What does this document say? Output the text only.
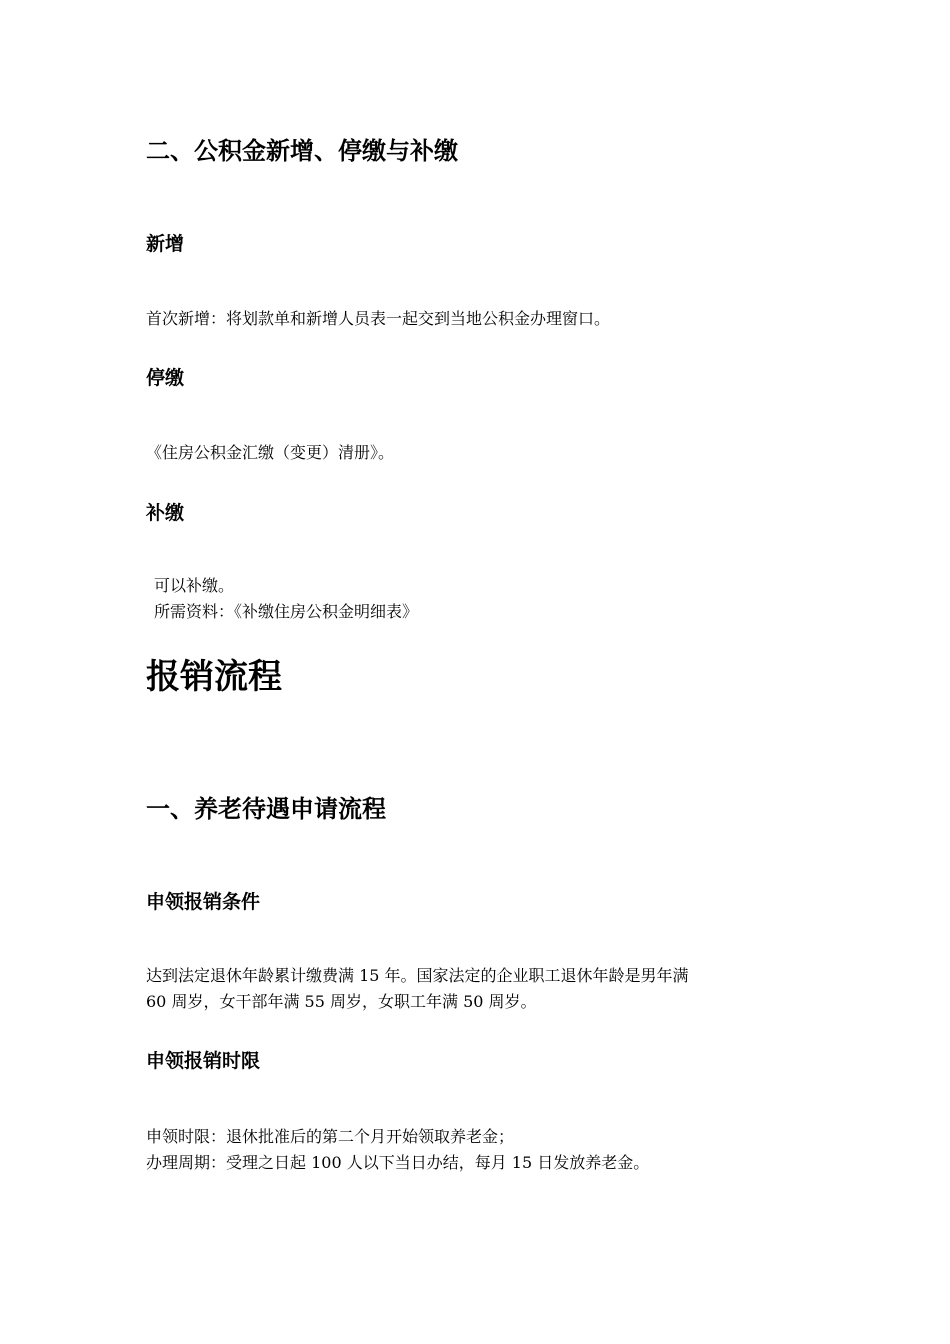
二、公积金新增、停缴与补缴
新增

首次新增：将划款单和新增人员表一起交到当地公积金办理窗口。

停缴

《住房公积金汇缴（变更）清册》。

补缴

可以补缴。

所需资料：《补缴住房公积金明细表》

报销流程
一、养老待遇申请流程
申领报销条件

达到法定退休年龄累计缴费满 15 年。国家法定的企业职工退休年龄是男年满

60 周岁，女干部年满 55 周岁，女职工年满 50 周岁。

申领报销时限

申领时限：退休批准后的第二个月开始领取养老金；

办理周期：受理之日起 100 人以下当日办结，每月 15 日发放养老金。
